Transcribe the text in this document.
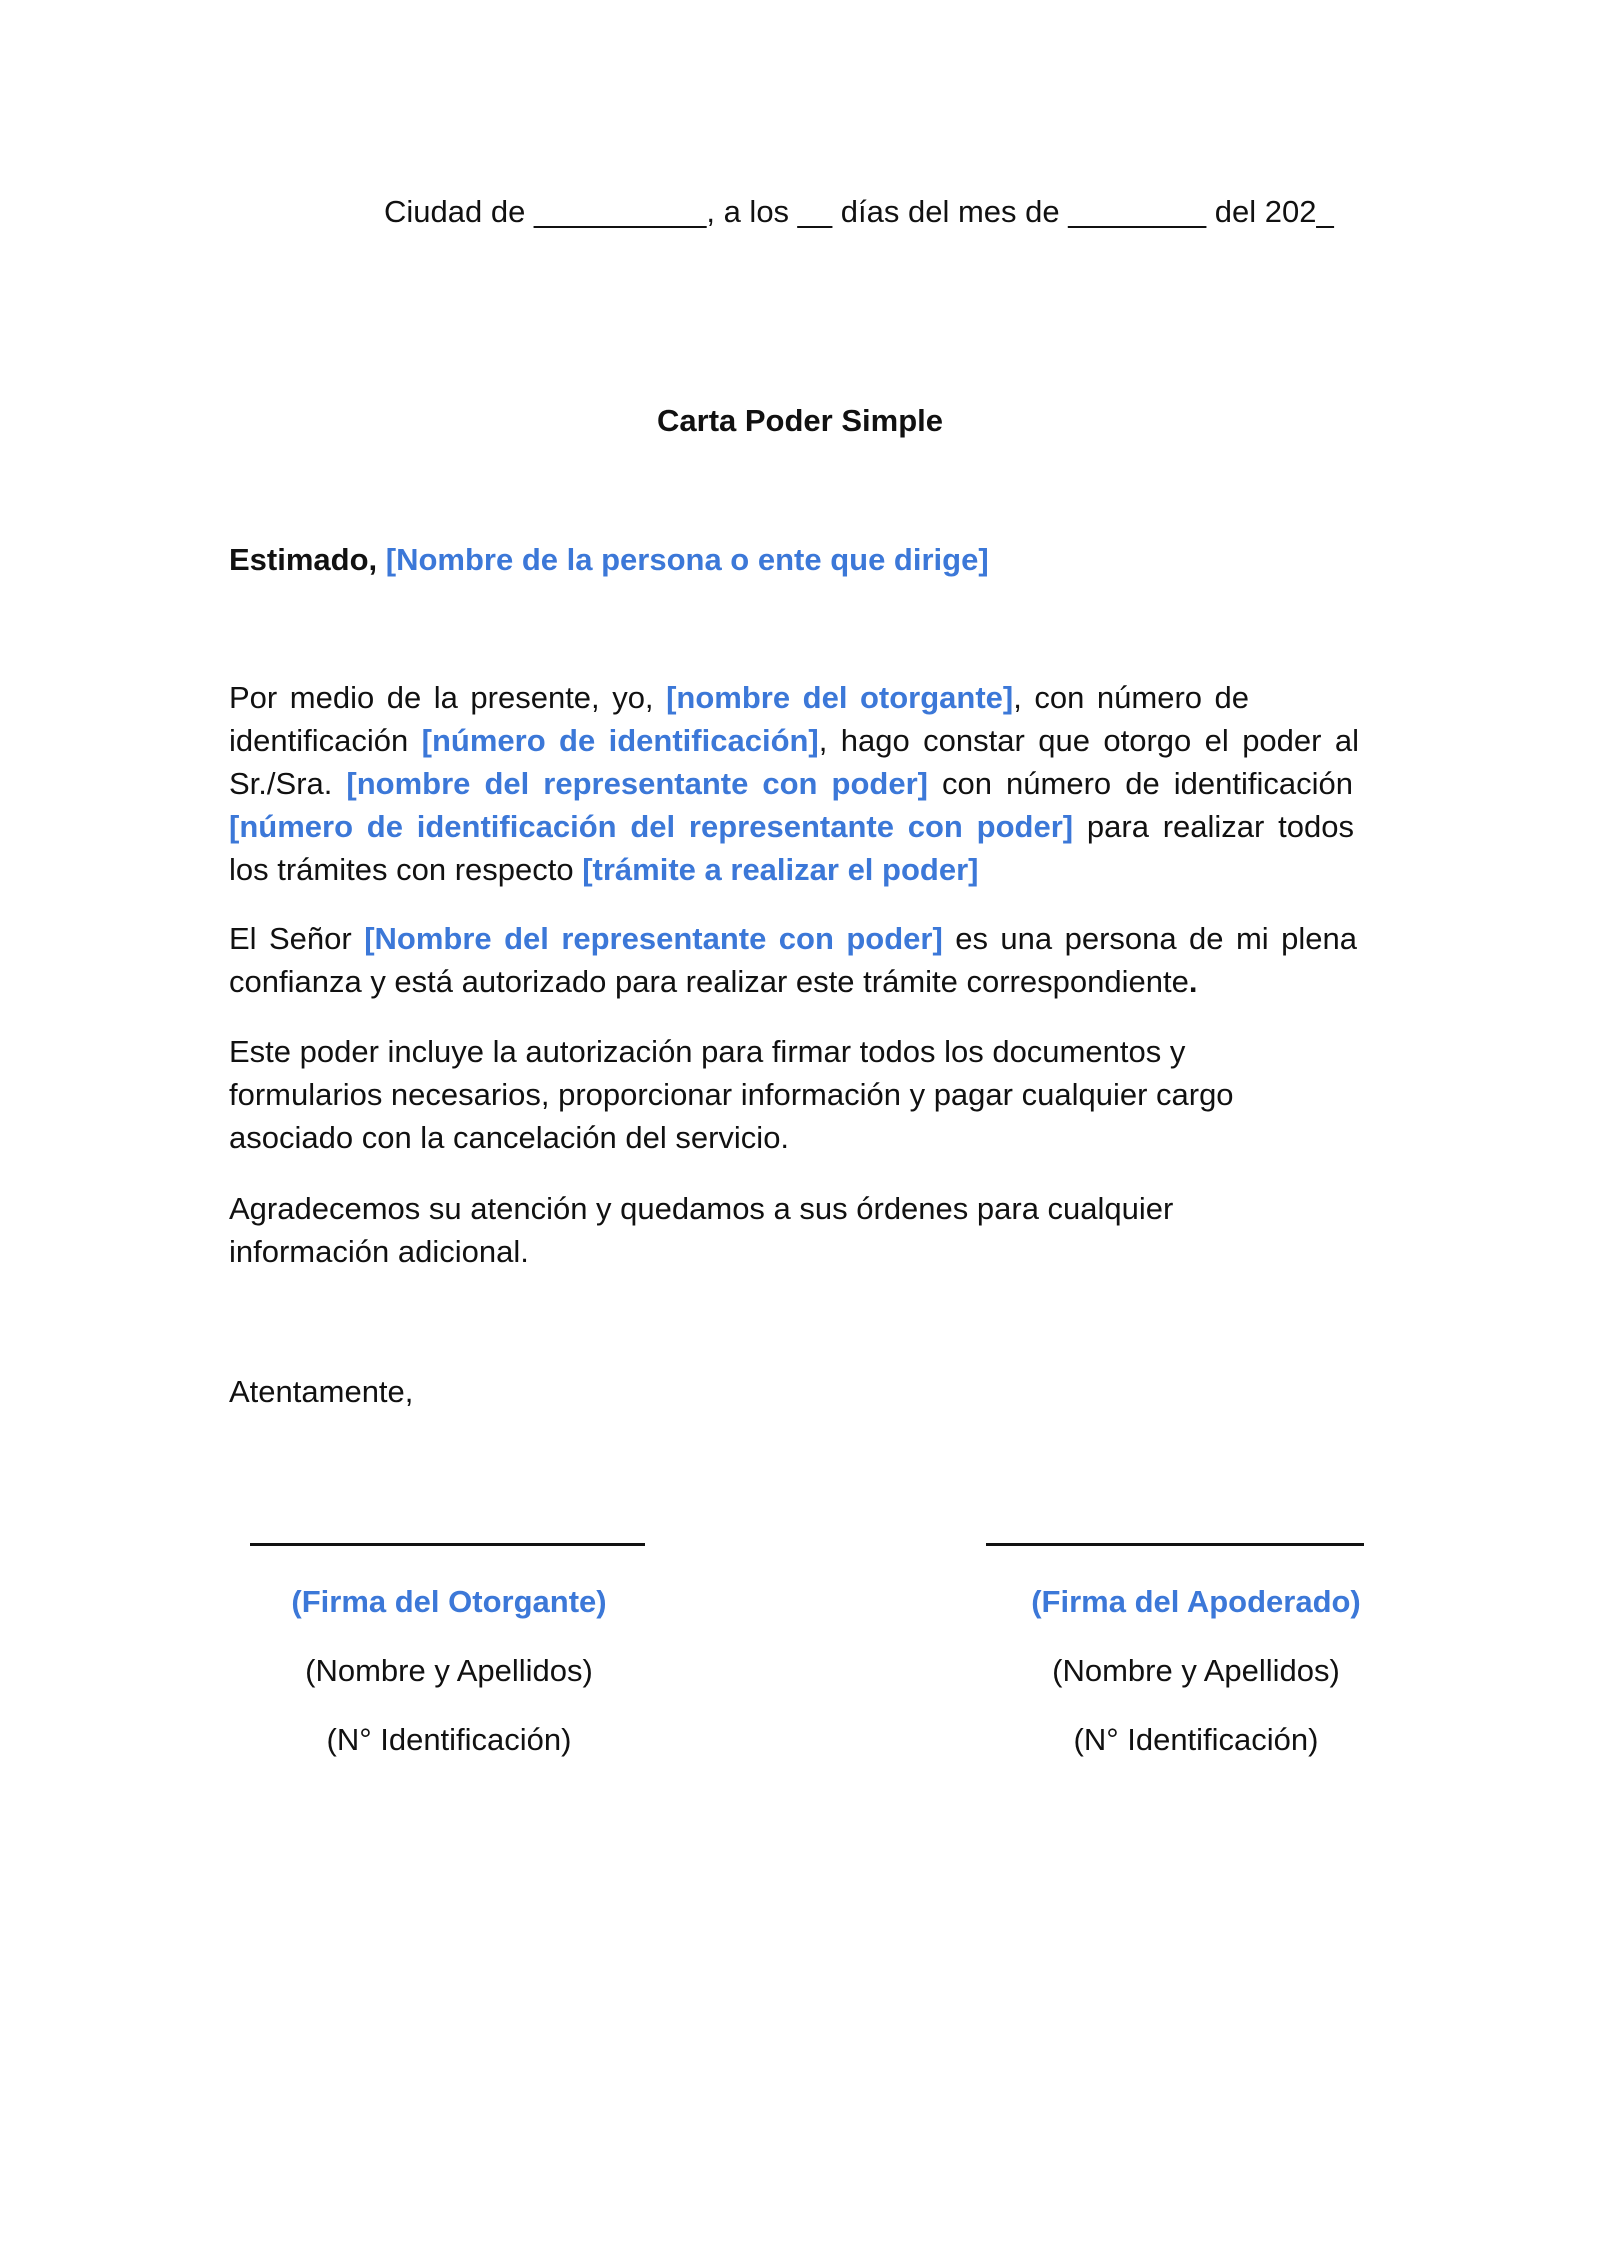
Ciudad de __________, a los __ días del mes de ________ del 202_
Carta Poder Simple
Estimado, [Nombre de la persona o ente que dirige]
Por medio de la presente, yo, [nombre del otorgante], con número de
identificación [número de identificación], hago constar que otorgo el poder al
Sr./Sra. [nombre del representante con poder] con número de identificación
[número de identificación del representante con poder] para realizar todos
los trámites con respecto [trámite a realizar el poder]
El Señor [Nombre del representante con poder] es una persona de mi plena
confianza y está autorizado para realizar este trámite correspondiente.
Este poder incluye la autorización para firmar todos los documentos y
formularios necesarios, proporcionar información y pagar cualquier cargo
asociado con la cancelación del servicio.
Agradecemos su atención y quedamos a sus órdenes para cualquier
información adicional.
Atentamente,
(Firma del Otorgante)
(Nombre y Apellidos)
(N° Identificación)
(Firma del Apoderado)
(Nombre y Apellidos)
(N° Identificación)
